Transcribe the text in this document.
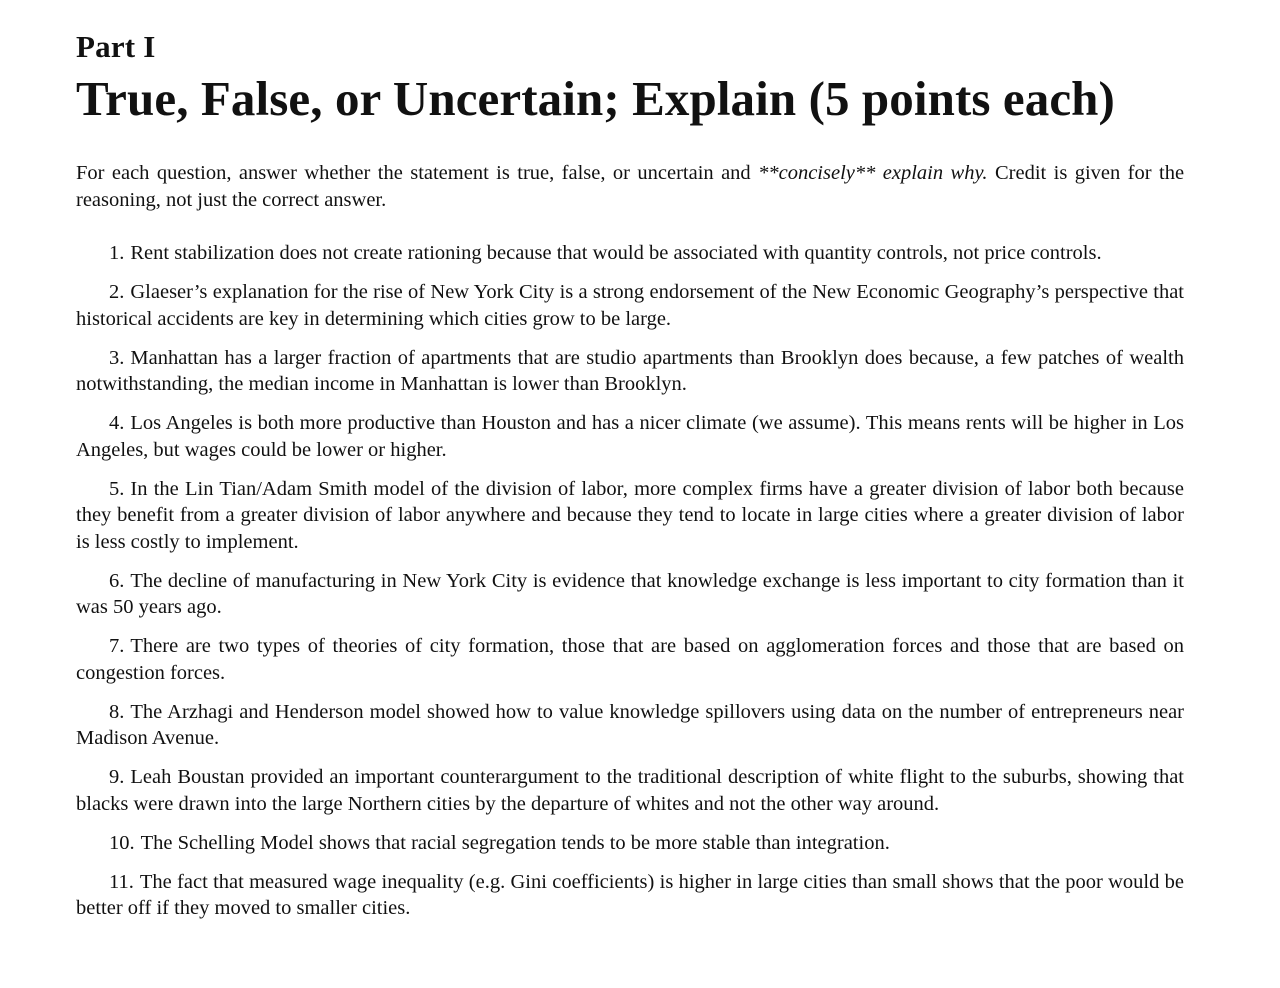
Part I
True, False, or Uncertain; Explain (5 points each)

For each question, answer whether the statement is true, false, or uncertain and **concisely** explain why. Credit is given for the reasoning, not just the correct answer.

1. Rent stabilization does not create rationing because that would be associated with quantity controls, not price controls.
2. Glaeser’s explanation for the rise of New York City is a strong endorsement of the New Economic Geography’s perspective that historical accidents are key in determining which cities grow to be large.
3. Manhattan has a larger fraction of apartments that are studio apartments than Brooklyn does because, a few patches of wealth notwithstanding, the median income in Manhattan is lower than Brooklyn.
4. Los Angeles is both more productive than Houston and has a nicer climate (we assume). This means rents will be higher in Los Angeles, but wages could be lower or higher.
5. In the Lin Tian/Adam Smith model of the division of labor, more complex firms have a greater division of labor both because they benefit from a greater division of labor anywhere and because they tend to locate in large cities where a greater division of labor is less costly to implement.
6. The decline of manufacturing in New York City is evidence that knowledge exchange is less important to city formation than it was 50 years ago.
7. There are two types of theories of city formation, those that are based on agglomeration forces and those that are based on congestion forces.
8. The Arzhagi and Henderson model showed how to value knowledge spillovers using data on the number of entrepreneurs near Madison Avenue.
9. Leah Boustan provided an important counterargument to the traditional description of white flight to the suburbs, showing that blacks were drawn into the large Northern cities by the departure of whites and not the other way around.
10. The Schelling Model shows that racial segregation tends to be more stable than integration.
11. The fact that measured wage inequality (e.g. Gini coefficients) is higher in large cities than small shows that the poor would be better off if they moved to smaller cities.
